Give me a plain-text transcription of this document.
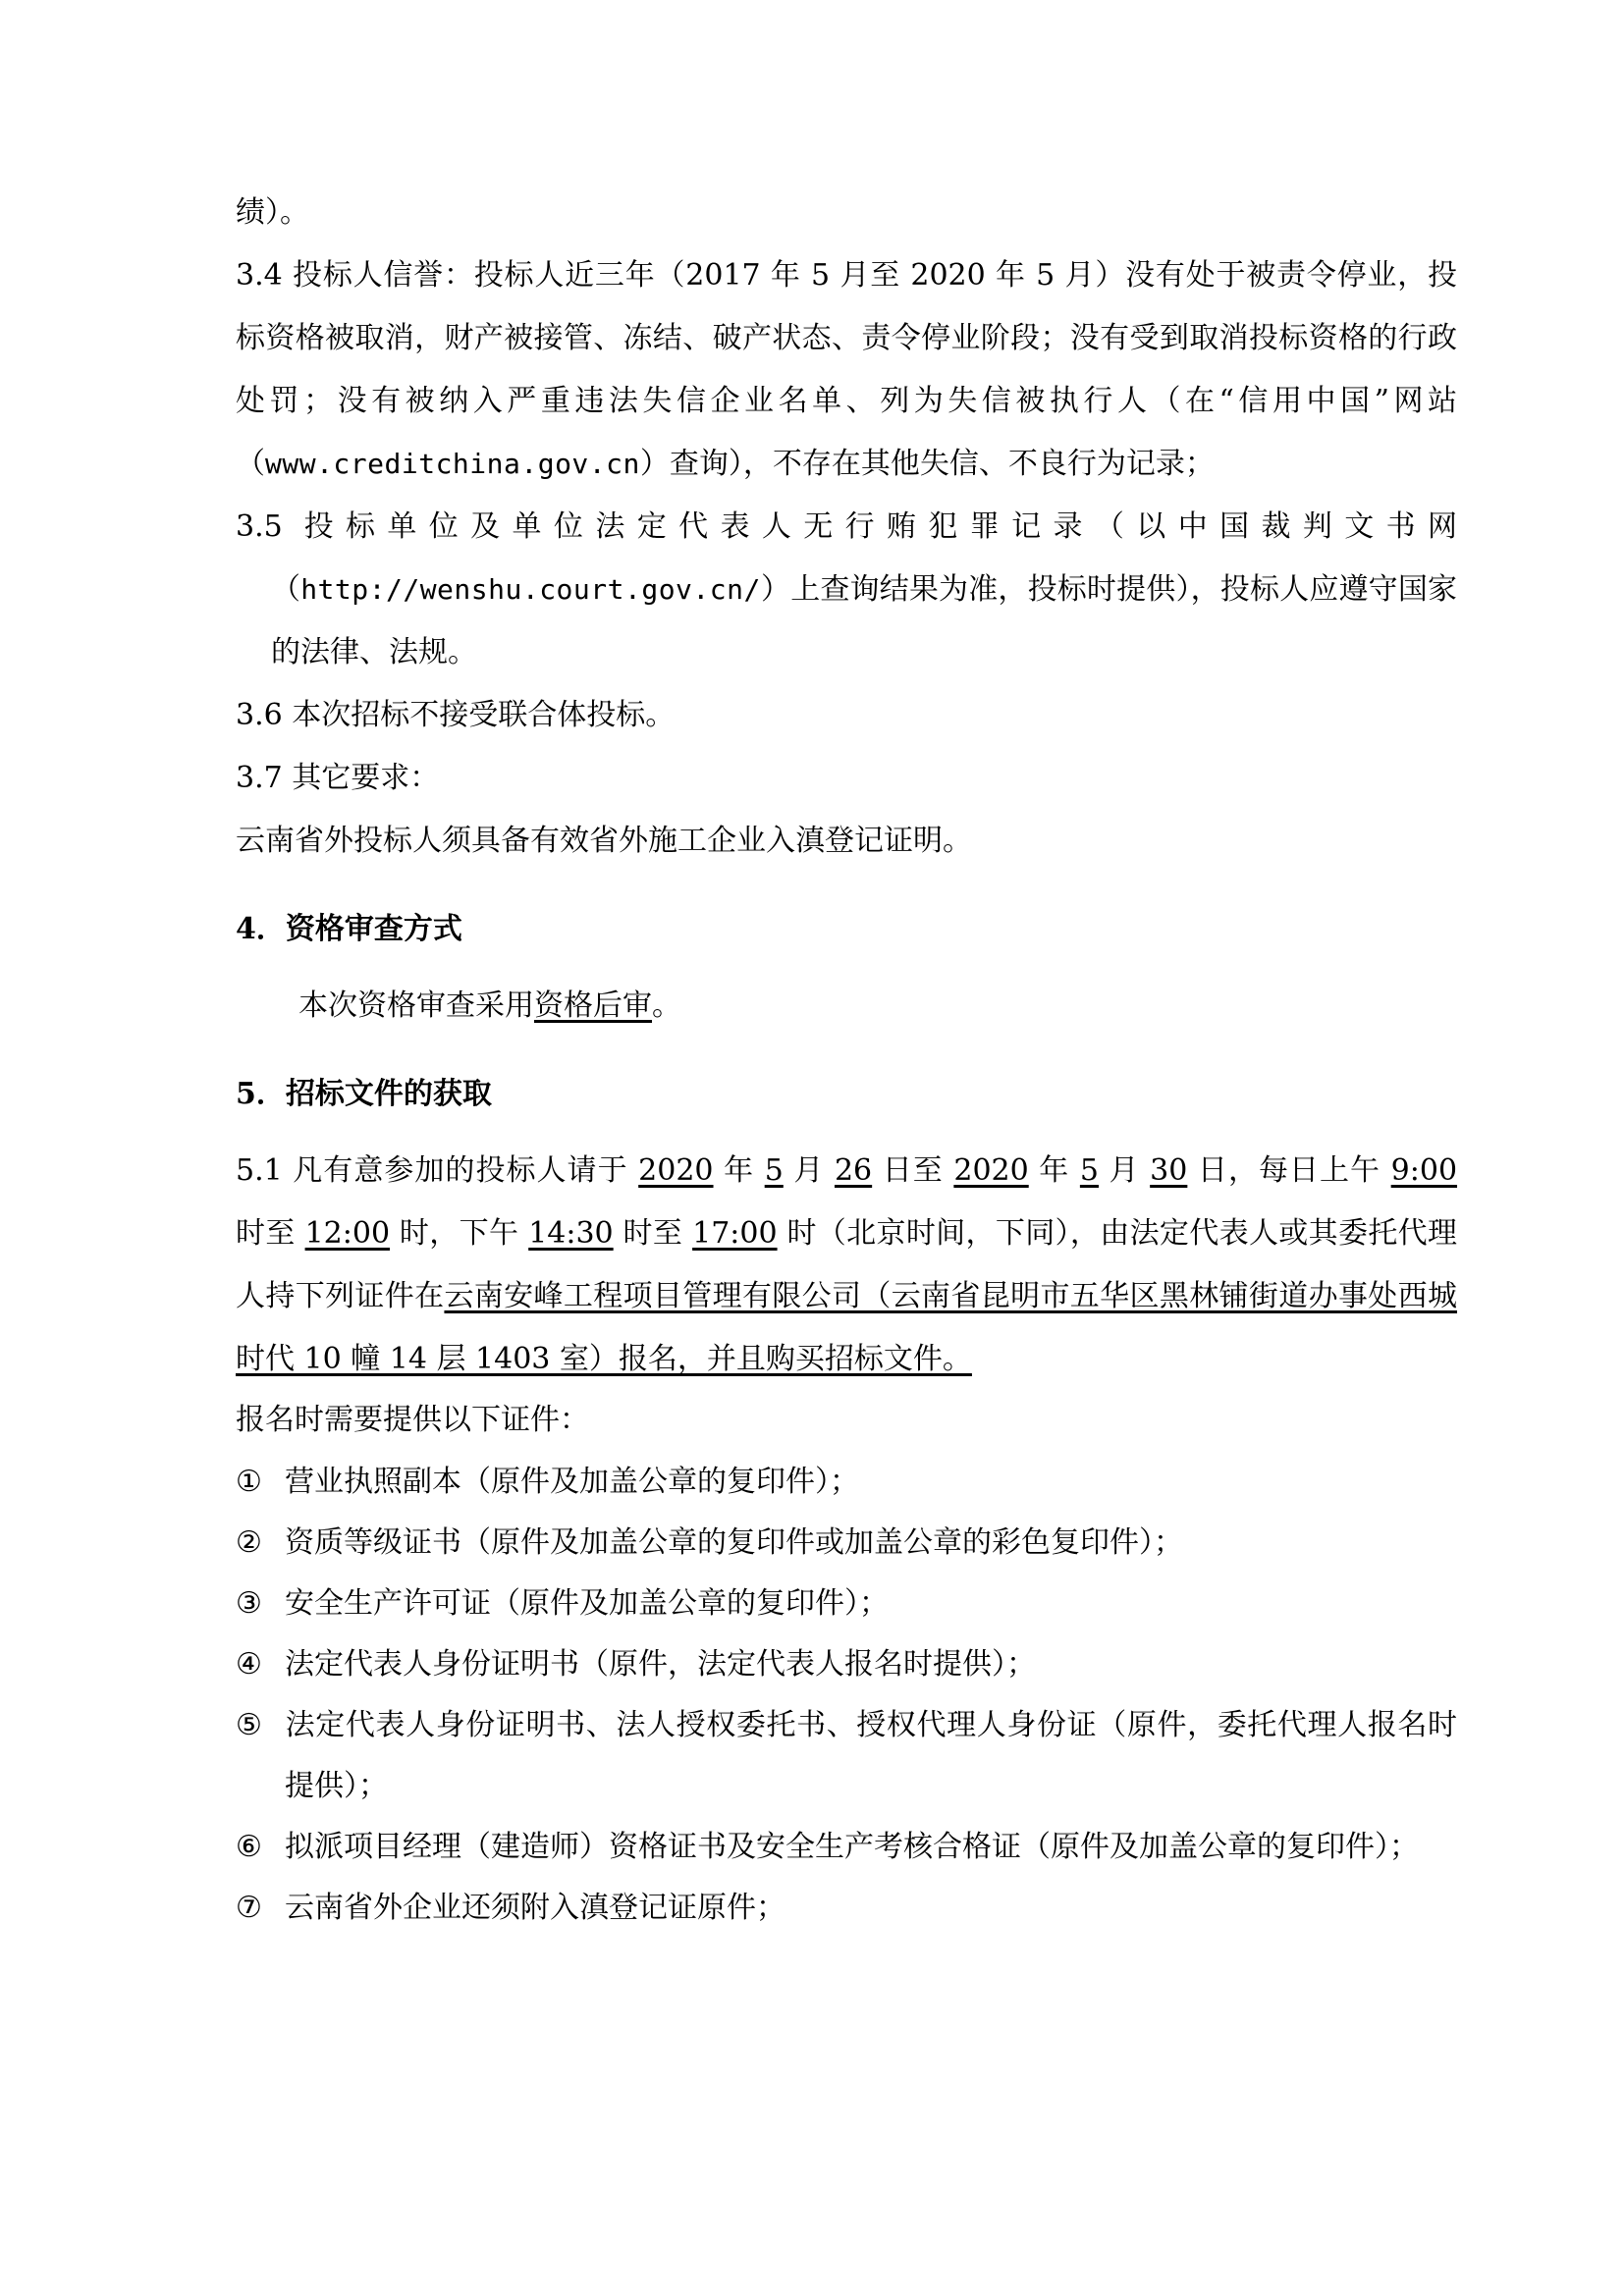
绩）。

3.4 投标人信誉：投标人近三年（2017 年 5 月至 2020 年 5 月）没有处于被责令停业，投标资格被取消，财产被接管、冻结、破产状态、责令停业阶段；没有受到取消投标资格的行政处罚；没有被纳入严重违法失信企业名单、列为失信被执行人（在“信用中国”网站（www.creditchina.gov.cn）查询），不存在其他失信、不良行为记录；

3.5 投标单位及单位法定代表人无行贿犯罪记录（以中国裁判文书网（http://wenshu.court.gov.cn/）上查询结果为准，投标时提供），投标人应遵守国家的法律、法规。

3.6 本次招标不接受联合体投标。

3.7 其它要求：

云南省外投标人须具备有效省外施工企业入滇登记证明。

4．资格审查方式

本次资格审查采用资格后审。

5．招标文件的获取

5.1 凡有意参加的投标人请于 2020 年 5 月 26 日至 2020 年 5 月 30 日，每日上午 9:00 时至 12:00 时，下午 14:30 时至 17:00 时（北京时间，下同），由法定代表人或其委托代理人持下列证件在云南安峰工程项目管理有限公司（云南省昆明市五华区黑林铺街道办事处西城时代 10 幢 14 层 1403 室）报名，并且购买招标文件。

报名时需要提供以下证件：

① 营业执照副本（原件及加盖公章的复印件）；

② 资质等级证书（原件及加盖公章的复印件或加盖公章的彩色复印件）；

③ 安全生产许可证（原件及加盖公章的复印件）；

④ 法定代表人身份证明书（原件，法定代表人报名时提供）；

⑤ 法定代表人身份证明书、法人授权委托书、授权代理人身份证（原件，委托代理人报名时提供）；

⑥ 拟派项目经理（建造师）资格证书及安全生产考核合格证（原件及加盖公章的复印件）；

⑦ 云南省外企业还须附入滇登记证原件；
